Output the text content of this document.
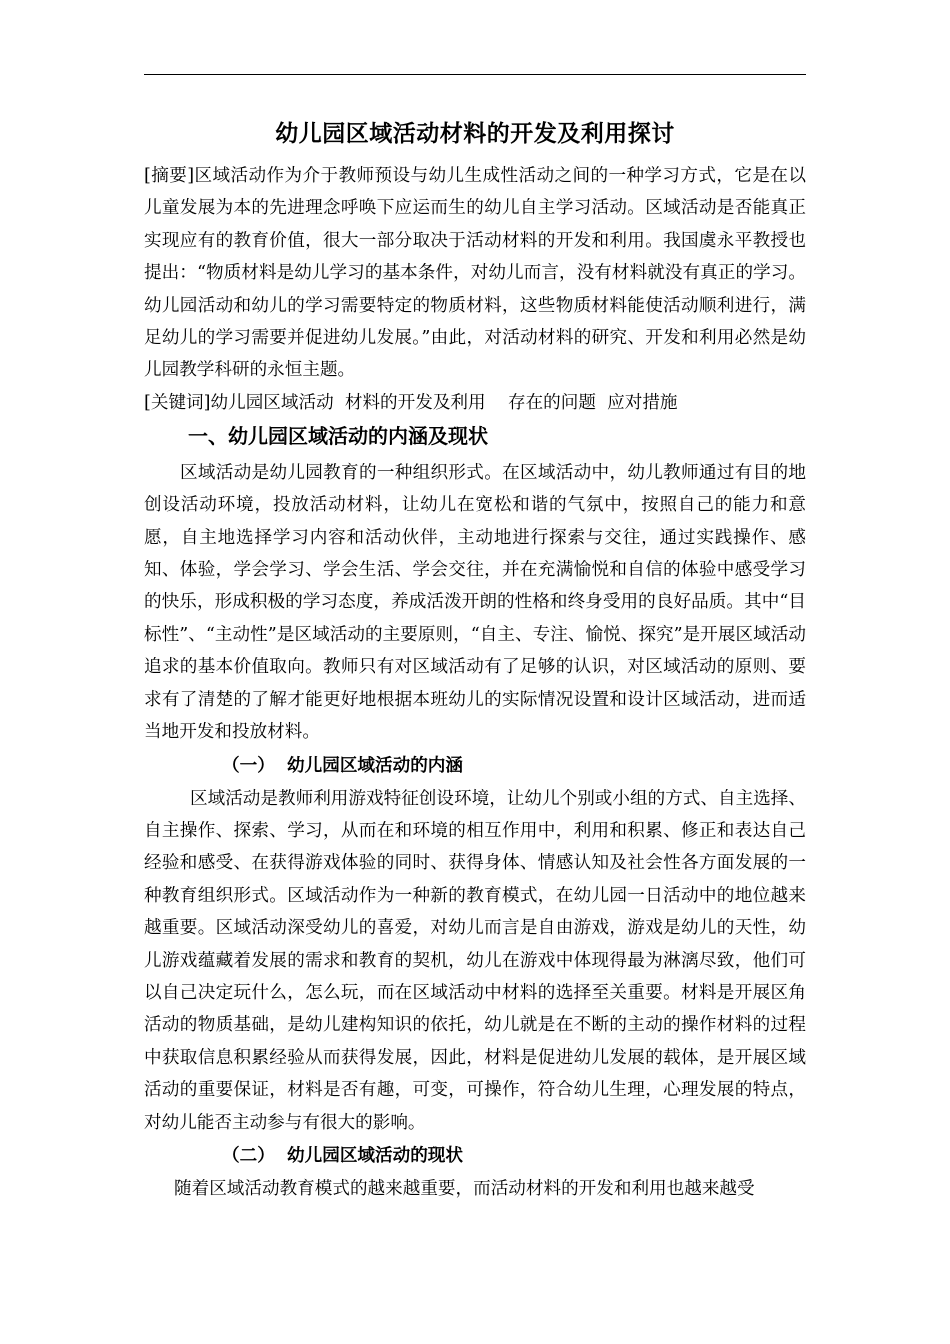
幼儿园区域活动材料的开发及利用探讨

[摘要]区域活动作为介于教师预设与幼儿生成性活动之间的一种学习方式，它是在以儿童发展为本的先进理念呼唤下应运而生的幼儿自主学习活动。区域活动是否能真正实现应有的教育价值，很大一部分取决于活动材料的开发和利用。我国虞永平教授也提出：“物质材料是幼儿学习的基本条件，对幼儿而言，没有材料就没有真正的学习。幼儿园活动和幼儿的学习需要特定的物质材料，这些物质材料能使活动顺利进行，满足幼儿的学习需要并促进幼儿发展。”由此，对活动材料的研究、开发和利用必然是幼儿园教学科研的永恒主题。

[关键词]幼儿园区域活动  材料的开发及利用    存在的问题  应对措施
一、幼儿园区域活动的内涵及现状

区域活动是幼儿园教育的一种组织形式。在区域活动中，幼儿教师通过有目的地创设活动环境，投放活动材料，让幼儿在宽松和谐的气氛中，按照自己的能力和意愿，自主地选择学习内容和活动伙伴，主动地进行探索与交往，通过实践操作、感知、体验，学会学习、学会生活、学会交往，并在充满愉悦和自信的体验中感受学习的快乐，形成积极的学习态度，养成活泼开朗的性格和终身受用的良好品质。其中“目标性”、“主动性”是区域活动的主要原则，“自主、专注、愉悦、探究”是开展区域活动追求的基本价值取向。教师只有对区域活动有了足够的认识，对区域活动的原则、要求有了清楚的了解才能更好地根据本班幼儿的实际情况设置和设计区域活动，进而适当地开发和投放材料。

（一）  幼儿园区域活动的内涵

区域活动是教师利用游戏特征创设环境，让幼儿个别或小组的方式、自主选择、自主操作、探索、学习，从而在和环境的相互作用中，利用和积累、修正和表达自己经验和感受、在获得游戏体验的同时、获得身体、情感认知及社会性各方面发展的一种教育组织形式。区域活动作为一种新的教育模式，在幼儿园一日活动中的地位越来越重要。区域活动深受幼儿的喜爱，对幼儿而言是自由游戏，游戏是幼儿的天性，幼儿游戏蕴藏着发展的需求和教育的契机，幼儿在游戏中体现得最为淋漓尽致，他们可以自己决定玩什么，怎么玩，而在区域活动中材料的选择至关重要。材料是开展区角活动的物质基础，是幼儿建构知识的依托，幼儿就是在不断的主动的操作材料的过程中获取信息积累经验从而获得发展，因此，材料是促进幼儿发展的载体，是开展区域活动的重要保证，材料是否有趣，可变，可操作，符合幼儿生理，心理发展的特点，对幼儿能否主动参与有很大的影响。

（二）  幼儿园区域活动的现状

随着区域活动教育模式的越来越重要，而活动材料的开发和利用也越来越受
